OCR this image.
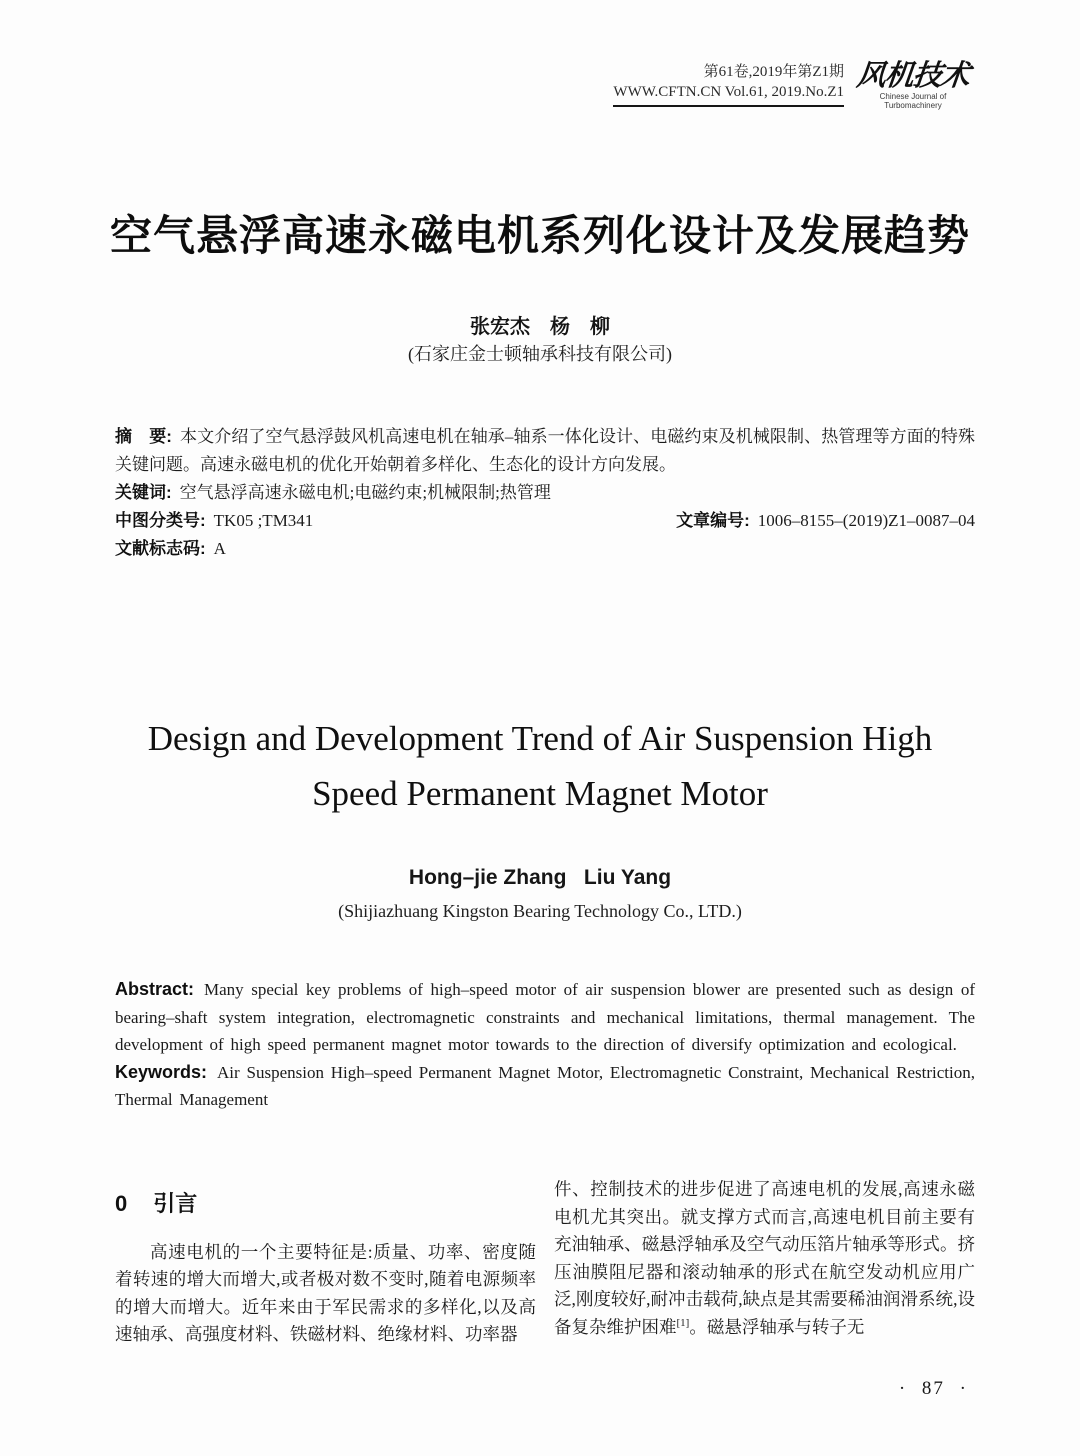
第61卷,2019年第Z1期
WWW.CFTN.CN Vol.61, 2019.No.Z1 风机技术
Chinese Journal of Turbomachinery
空气悬浮高速永磁电机系列化设计及发展趋势
张宏杰　杨　柳
(石家庄金士顿轴承科技有限公司)

摘　要: 本文介绍了空气悬浮鼓风机高速电机在轴承–轴系一体化设计、电磁约束及机械限制、热管理等方面的特殊关键问题。高速永磁电机的优化开始朝着多样化、生态化的设计方向发展。

关键词: 空气悬浮高速永磁电机;电磁约束;机械限制;热管理

中图分类号: TK05 ;TM341	文章编号: 1006–8155–(2019)Z1–0087–04

文献标志码: A

Design and Development Trend of Air Suspension High
Speed Permanent Magnet Motor
Hong–jie Zhang   Liu Yang
(Shijiazhuang Kingston Bearing Technology Co., LTD.)

Abstract: Many special key problems of high–speed motor of air suspension blower are presented such as design of bearing–shaft system integration, electromagnetic constraints and mechanical limitations, thermal management. The development of high speed permanent magnet motor towards to the direction of diversify optimization and ecological.

Keywords: Air Suspension High–speed Permanent Magnet Motor, Electromagnetic Constraint, Mechanical Restriction, Thermal Management

0 引言

高速电机的一个主要特征是:质量、功率、密度随着转速的增大而增大,或者极对数不变时,随着电源频率的增大而增大。近年来由于军民需求的多样化,以及高速轴承、高强度材料、铁磁材料、绝缘材料、功率器

件、控制技术的进步促进了高速电机的发展,高速永磁电机尤其突出。就支撑方式而言,高速电机目前主要有充油轴承、磁悬浮轴承及空气动压箔片轴承等形式。挤压油膜阻尼器和滚动轴承的形式在航空发动机应用广泛,刚度较好,耐冲击载荷,缺点是其需要稀油润滑系统,设备复杂维护困难[1]。磁悬浮轴承与转子无

· 87 ·
